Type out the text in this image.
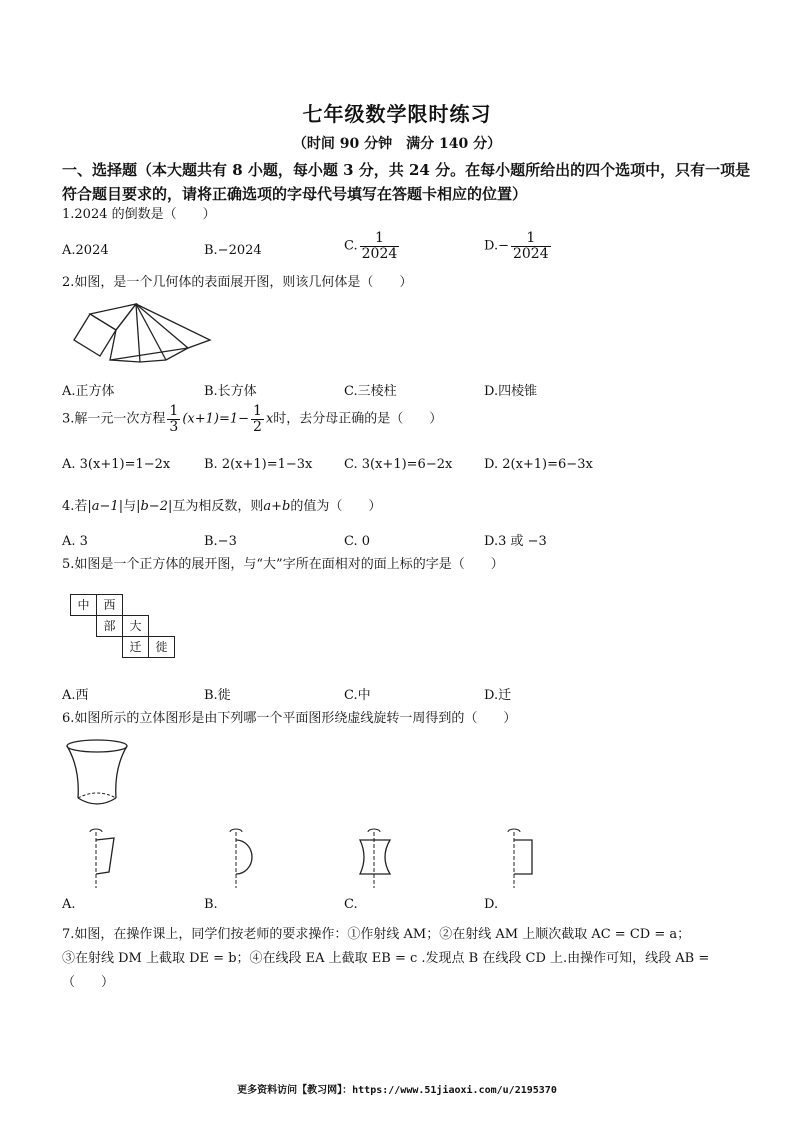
七年级数学限时练习
（时间 90 分钟　满分 140 分）
一、选择题（本大题共有 8 小题，每小题 3 分，共 24 分。在每小题所给出的四个选项中，只有一项是符合题目要求的，请将正确选项的字母代号填写在答题卡相应的位置）
1.2024 的倒数是（　　）
A.2024	B.−2024	C. $\frac{1}{2024}$	$D.- \frac{1}{2024}$
2.如图，是一个几何体的表面展开图，则该几何体是（　　）
A.正方体	B.长方体	C.三棱柱	D.四棱锥
3.解一元一次方程 $\frac{1}{3} (x+1)=1- \frac{1}{2}$ x时，去分母正确的是（　　）
A. 3(x+1)=1−2x	B. 2(x+1)=1−3x C. 3(x+1)=6−2x D. 2(x+1)=6−3x
4.若|a−1|与|b−2|互为相反数，则a+b的值为（　　）
A. 3	B.−3	C. 0	D.3 或 −3
5.如图是一个正方体的展开图，与“大”字所在面相对的面上标的字是（　　）
中	西
部	大
迁	徙
A.西	B.徙	C.中	D.迁
6.如图所示的立体图形是由下列哪一个平面图形绕虚线旋转一周得到的（　　）
A.	B.	C.	D.
7.如图，在操作课上，同学们按老师的要求操作：①作射线 AM；②在射线 AM 上顺次截取 AC = CD = a；
③在射线 DM 上截取 DE = b；④在线段 EA 上截取 EB = c .发现点 B 在线段 CD 上.由操作可知，线段 AB =
（　　）
更多资料访问【教习网】：https://www.51jiaoxi.com/u/2195370
